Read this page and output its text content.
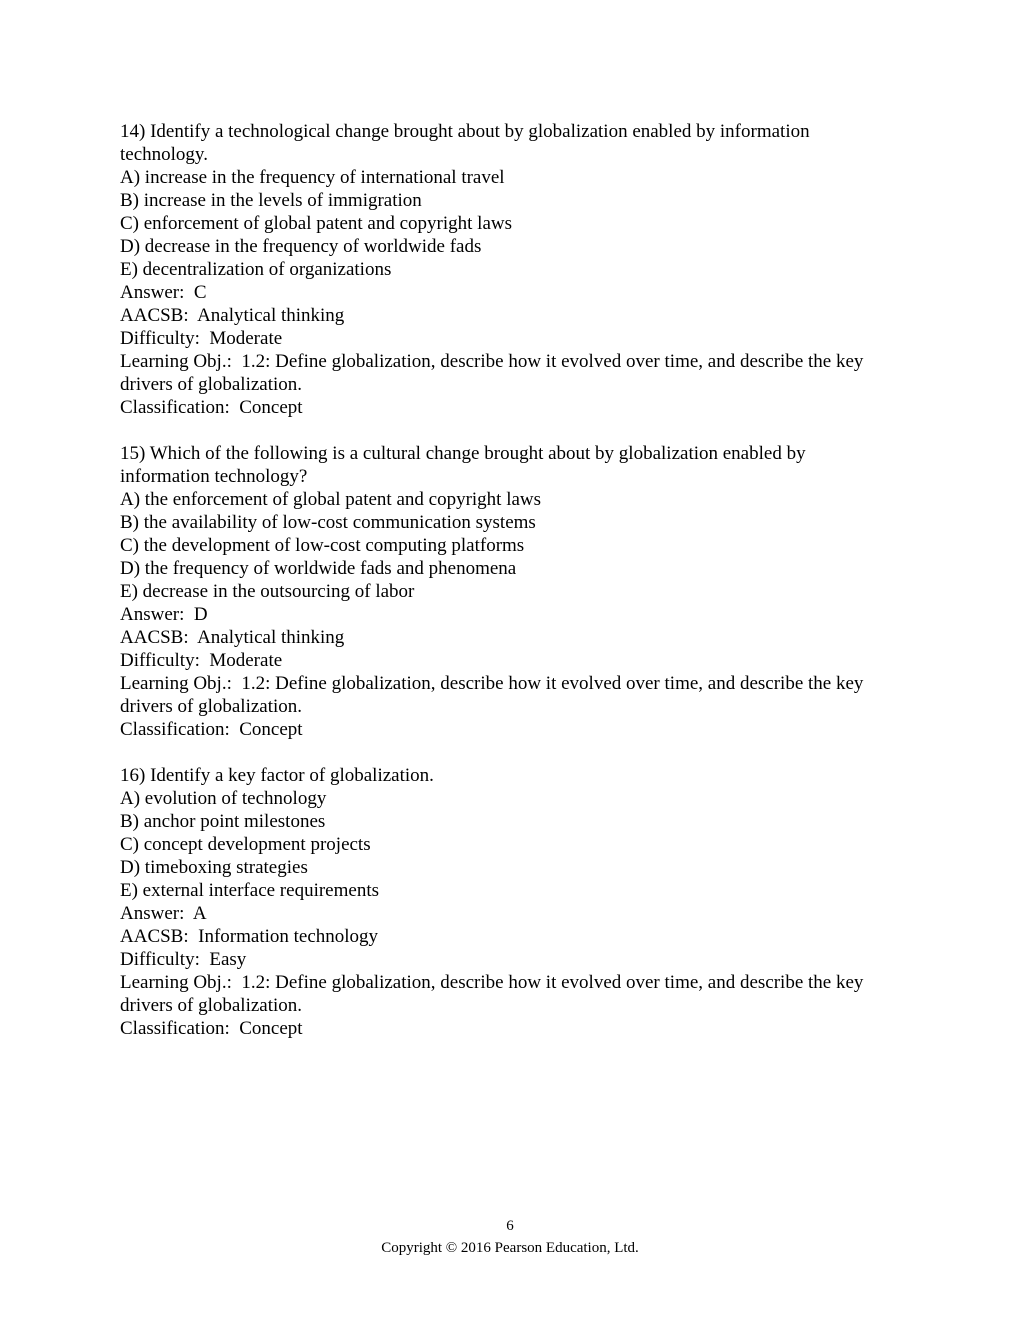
14) Identify a technological change brought about by globalization enabled by information technology.
A) increase in the frequency of international travel
B) increase in the levels of immigration
C) enforcement of global patent and copyright laws
D) decrease in the frequency of worldwide fads
E) decentralization of organizations
Answer:  C
AACSB:  Analytical thinking
Difficulty:  Moderate
Learning Obj.:  1.2: Define globalization, describe how it evolved over time, and describe the key drivers of globalization.
Classification:  Concept
15) Which of the following is a cultural change brought about by globalization enabled by information technology?
A) the enforcement of global patent and copyright laws
B) the availability of low-cost communication systems
C) the development of low-cost computing platforms
D) the frequency of worldwide fads and phenomena
E) decrease in the outsourcing of labor
Answer:  D
AACSB:  Analytical thinking
Difficulty:  Moderate
Learning Obj.:  1.2: Define globalization, describe how it evolved over time, and describe the key drivers of globalization.
Classification:  Concept
16) Identify a key factor of globalization.
A) evolution of technology
B) anchor point milestones
C) concept development projects
D) timeboxing strategies
E) external interface requirements
Answer:  A
AACSB:  Information technology
Difficulty:  Easy
Learning Obj.:  1.2: Define globalization, describe how it evolved over time, and describe the key drivers of globalization.
Classification:  Concept
6
Copyright © 2016 Pearson Education, Ltd.
